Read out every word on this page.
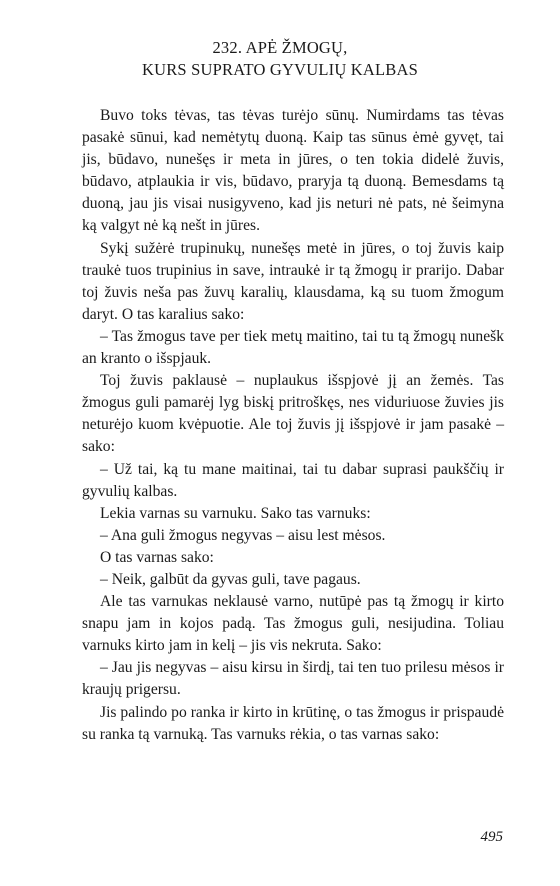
232. APĖ ŽMOGŲ,
KURS SUPRATO GYVULIŲ KALBAS

Buvo toks tėvas, tas tėvas turėjo sūnų. Numirdams tas tėvas pasakė sūnui, kad nemėtytų duoną. Kaip tas sūnus ėmė gyvęt, tai jis, būdavo, nunešęs ir meta in jūres, o ten tokia didelė žuvis, būdavo, atplaukia ir vis, būdavo, praryja tą duoną. Bemesdams tą duoną, jau jis visai nusigyveno, kad jis neturi nė pats, nė šeimyna ką valgyt nė ką nešt in jūres.

Sykį sužėrė trupinukų, nunešęs metė in jūres, o toj žuvis kaip traukė tuos trupinius in save, intraukė ir tą žmogų ir prarijo. Dabar toj žuvis neša pas žuvų karalių, klausdama, ką su tuom žmogum daryt. O tas karalius sako:

– Tas žmogus tave per tiek metų maitino, tai tu tą žmogų nunešk an kranto o išspjauk.

Toj žuvis paklausė – nuplaukus išspjovė jį an žemės. Tas žmogus guli pamarėj lyg biskį pritroškęs, nes viduriuose žuvies jis neturėjo kuom kvėpuotie. Ale toj žuvis jį išspjovė ir jam pasakė – sako:

– Už tai, ką tu mane maitinai, tai tu dabar suprasi paukščių ir gyvulių kalbas.

Lekia varnas su varnuku. Sako tas varnuks:

– Ana guli žmogus negyvas – aisu lest mėsos.

O tas varnas sako:

– Neik, galbūt da gyvas guli, tave pagaus.

Ale tas varnukas neklausė varno, nutūpė pas tą žmogų ir kirto snapu jam in kojos padą. Tas žmogus guli, nesijudina. Toliau varnuks kirto jam in kelį – jis vis nekruta. Sako:

– Jau jis negyvas – aisu kirsu in širdį, tai ten tuo prilesu mėsos ir kraujų prigersu.

Jis palindo po ranka ir kirto in krūtinę, o tas žmogus ir prispaudė su ranka tą varnuką. Tas varnuks rėkia, o tas varnas sako:

495
